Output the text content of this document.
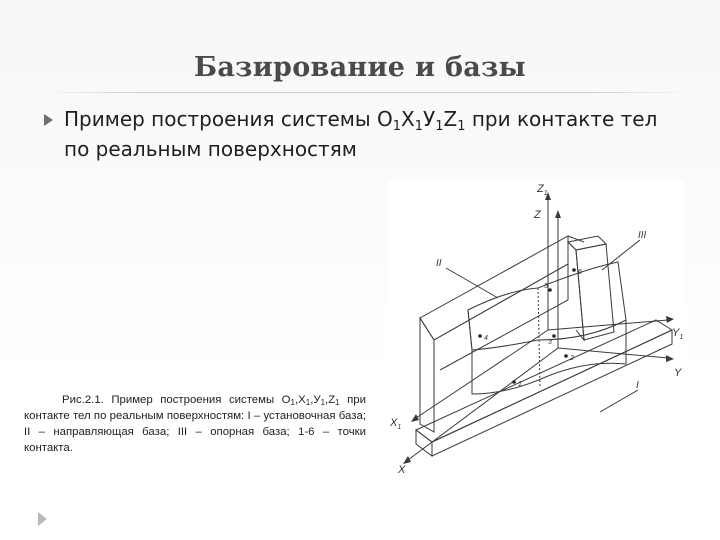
Базирование и базы
Пример построения системы $О_1Х_1У_1Z_1$ при контакте тел по реальным поверхностям
Рис.2.1. Пример построения системы $О_1,Х_1,У_1,Z_1$ при контакте тел по реальным поверхностям: I – установочная база; II – направляющая база; III – опорная база; 1-6 – точки контакта.
$Z_1$
Z
$Y_1$
Y
$X_1$
X
I
II
III
1
2
3
4
5
6
